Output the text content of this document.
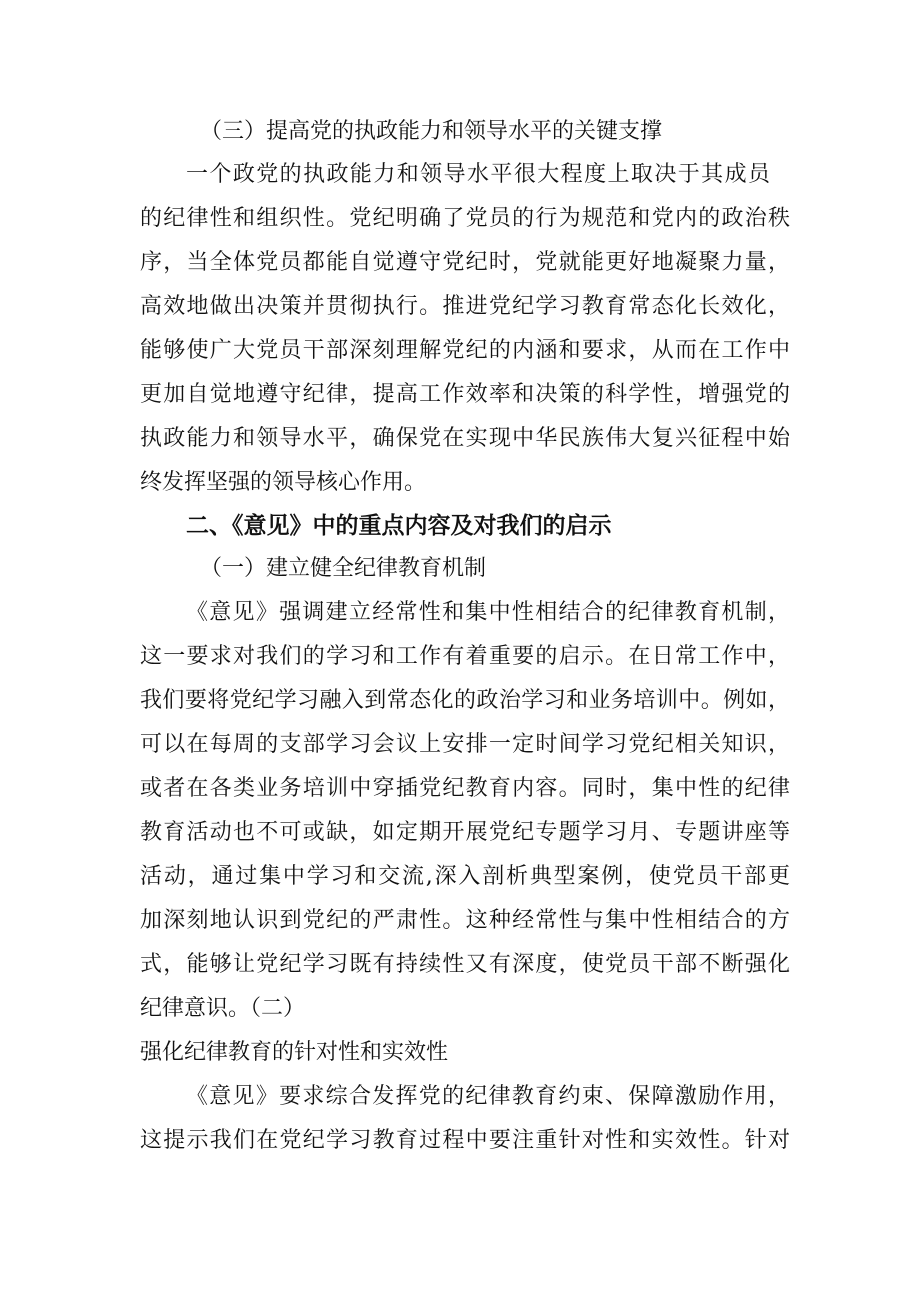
（三）提高党的执政能力和领导水平的关键支撑
一个政党的执政能力和领导水平很大程度上取决于其成员
的纪律性和组织性。党纪明确了党员的行为规范和党内的政治秩
序，当全体党员都能自觉遵守党纪时，党就能更好地凝聚力量，
高效地做出决策并贯彻执行。推进党纪学习教育常态化长效化，
能够使广大党员干部深刻理解党纪的内涵和要求，从而在工作中
更加自觉地遵守纪律，提高工作效率和决策的科学性，增强党的
执政能力和领导水平，确保党在实现中华民族伟大复兴征程中始
终发挥坚强的领导核心作用。
二、《意见》中的重点内容及对我们的启示
（一）建立健全纪律教育机制
《意见》强调建立经常性和集中性相结合的纪律教育机制，
这一要求对我们的学习和工作有着重要的启示。在日常工作中，
我们要将党纪学习融入到常态化的政治学习和业务培训中。例如，
可以在每周的支部学习会议上安排一定时间学习党纪相关知识，
或者在各类业务培训中穿插党纪教育内容。同时，集中性的纪律
教育活动也不可或缺，如定期开展党纪专题学习月、专题讲座等
活动，通过集中学习和交流,深入剖析典型案例，使党员干部更
加深刻地认识到党纪的严肃性。这种经常性与集中性相结合的方
式，能够让党纪学习既有持续性又有深度，使党员干部不断强化
纪律意识。（二）
强化纪律教育的针对性和实效性
《意见》要求综合发挥党的纪律教育约束、保障激励作用，
这提示我们在党纪学习教育过程中要注重针对性和实效性。针对
